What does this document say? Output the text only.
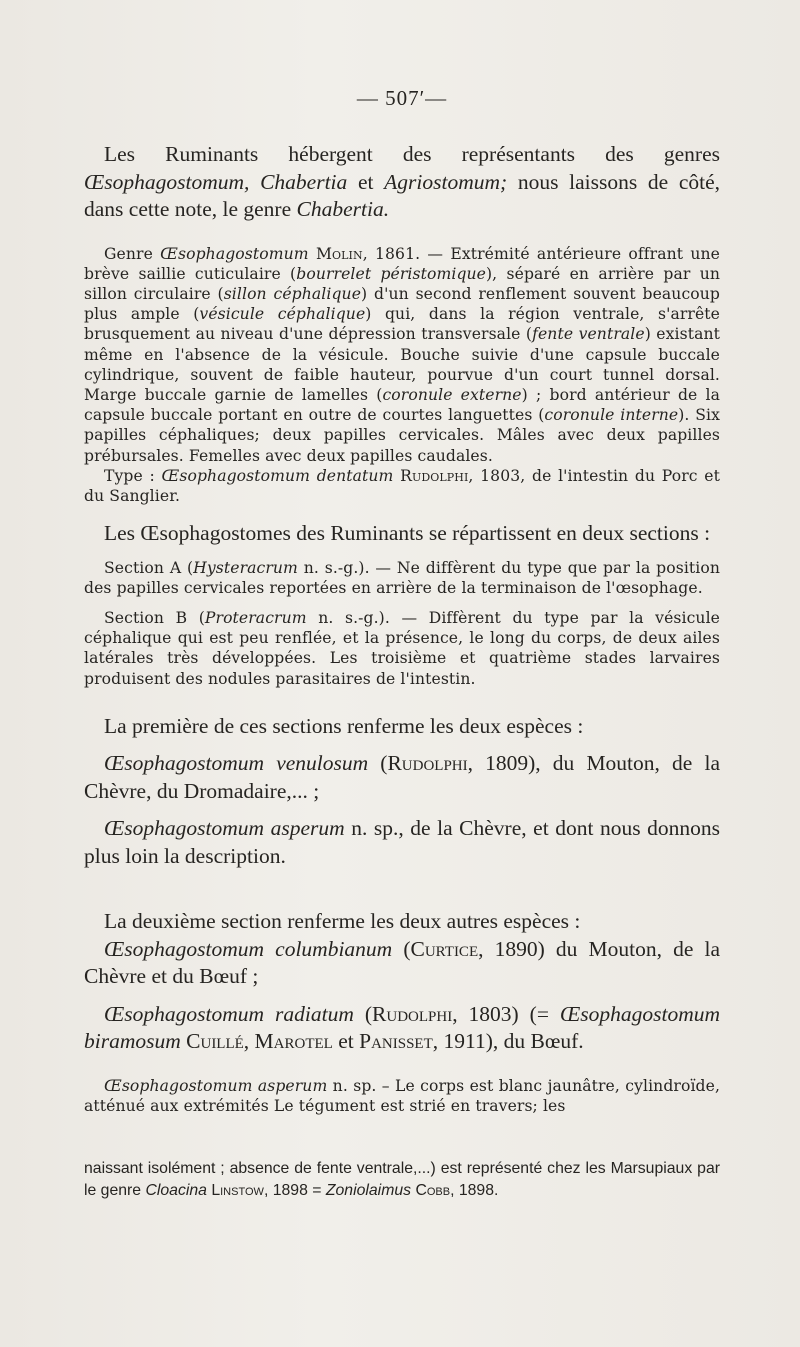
— 507′—

Les Ruminants hébergent des représentants des genres Œsophagostomum, Chabertia et Agriostomum; nous laissons de côté, dans cette note, le genre Chabertia.

Genre Œsophagostomum Molin, 1861. — Extrémité antérieure offrant une brève saillie cuticulaire (bourrelet péristomique), séparé en arrière par un sillon circulaire (sillon céphalique) d'un second renflement souvent beaucoup plus ample (vésicule céphalique) qui, dans la région ventrale, s'arrête brusquement au niveau d'une dépression transversale (fente ventrale) existant même en l'absence de la vésicule. Bouche suivie d'une capsule buccale cylindrique, souvent de faible hauteur, pourvue d'un court tunnel dorsal. Marge buccale garnie de lamelles (coronule externe) ; bord antérieur de la capsule buccale portant en outre de courtes languettes (coronule interne). Six papilles céphaliques; deux papilles cervicales. Mâles avec deux papilles prébursales. Femelles avec deux papilles caudales.

Type : Œsophagostomum dentatum Rudolphi, 1803, de l'intestin du Porc et du Sanglier.

Les Œsophagostomes des Ruminants se répartissent en deux sections :

Section A (Hysteracrum n. s.-g.). — Ne diffèrent du type que par la position des papilles cervicales reportées en arrière de la terminaison de l'œsophage.

Section B (Proteracrum n. s.-g.). — Diffèrent du type par la vésicule céphalique qui est peu renflée, et la présence, le long du corps, de deux ailes latérales très développées. Les troisième et quatrième stades larvaires produisent des nodules parasitaires de l'intestin.

La première de ces sections renferme les deux espèces :

Œsophagostomum venulosum (Rudolphi, 1809), du Mouton, de la Chèvre, du Dromadaire,... ;

Œsophagostomum asperum n. sp., de la Chèvre, et dont nous donnons plus loin la description.

La deuxième section renferme les deux autres espèces :

Œsophagostomum columbianum (Curtice, 1890) du Mouton, de la Chèvre et du Bœuf ;

Œsophagostomum radiatum (Rudolphi, 1803) (= Œsophagostomum biramosum Cuillé, Marotel et Panisset, 1911), du Bœuf.

Œsophagostomum asperum n. sp. – Le corps est blanc jaunâtre, cylindroïde, atténué aux extrémités Le tégument est strié en travers; les

naissant isolément ; absence de fente ventrale,...) est représenté chez les Marsupiaux par le genre Cloacina Linstow, 1898 = Zoniolaimus Cobb, 1898.
